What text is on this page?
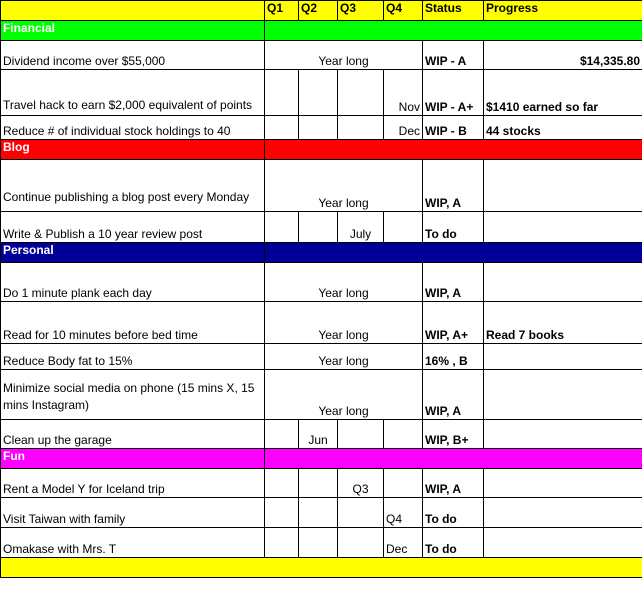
	Q1	Q2	Q3	Q4	Status	Progress
Financial						
Dividend income over $55,000	Year long				WIP - A	$14,335.80
Travel hack to earn $2,000 equivalent of points				Nov	WIP - A+	$1410 earned so far
Reduce # of individual stock holdings to 40				Dec	WIP - B	44 stocks
Blog						
Continue publishing a blog post every Monday	Year long				WIP, A	
Write & Publish a 10 year review post			July		To do	
Personal						
Do 1 minute plank each day	Year long				WIP, A	
Read for 10 minutes before bed time	Year long				WIP, A+	Read 7 books
Reduce Body fat to 15%	Year long				16% , B	
Minimize social media on phone (15 mins X, 15 mins Instagram)	Year long				WIP, A	
Clean up the garage		Jun			WIP, B+	
Fun						
Rent a Model Y for Iceland trip			Q3		WIP, A	
Visit Taiwan with family				Q4	To do	
Omakase with Mrs. T				Dec	To do	
